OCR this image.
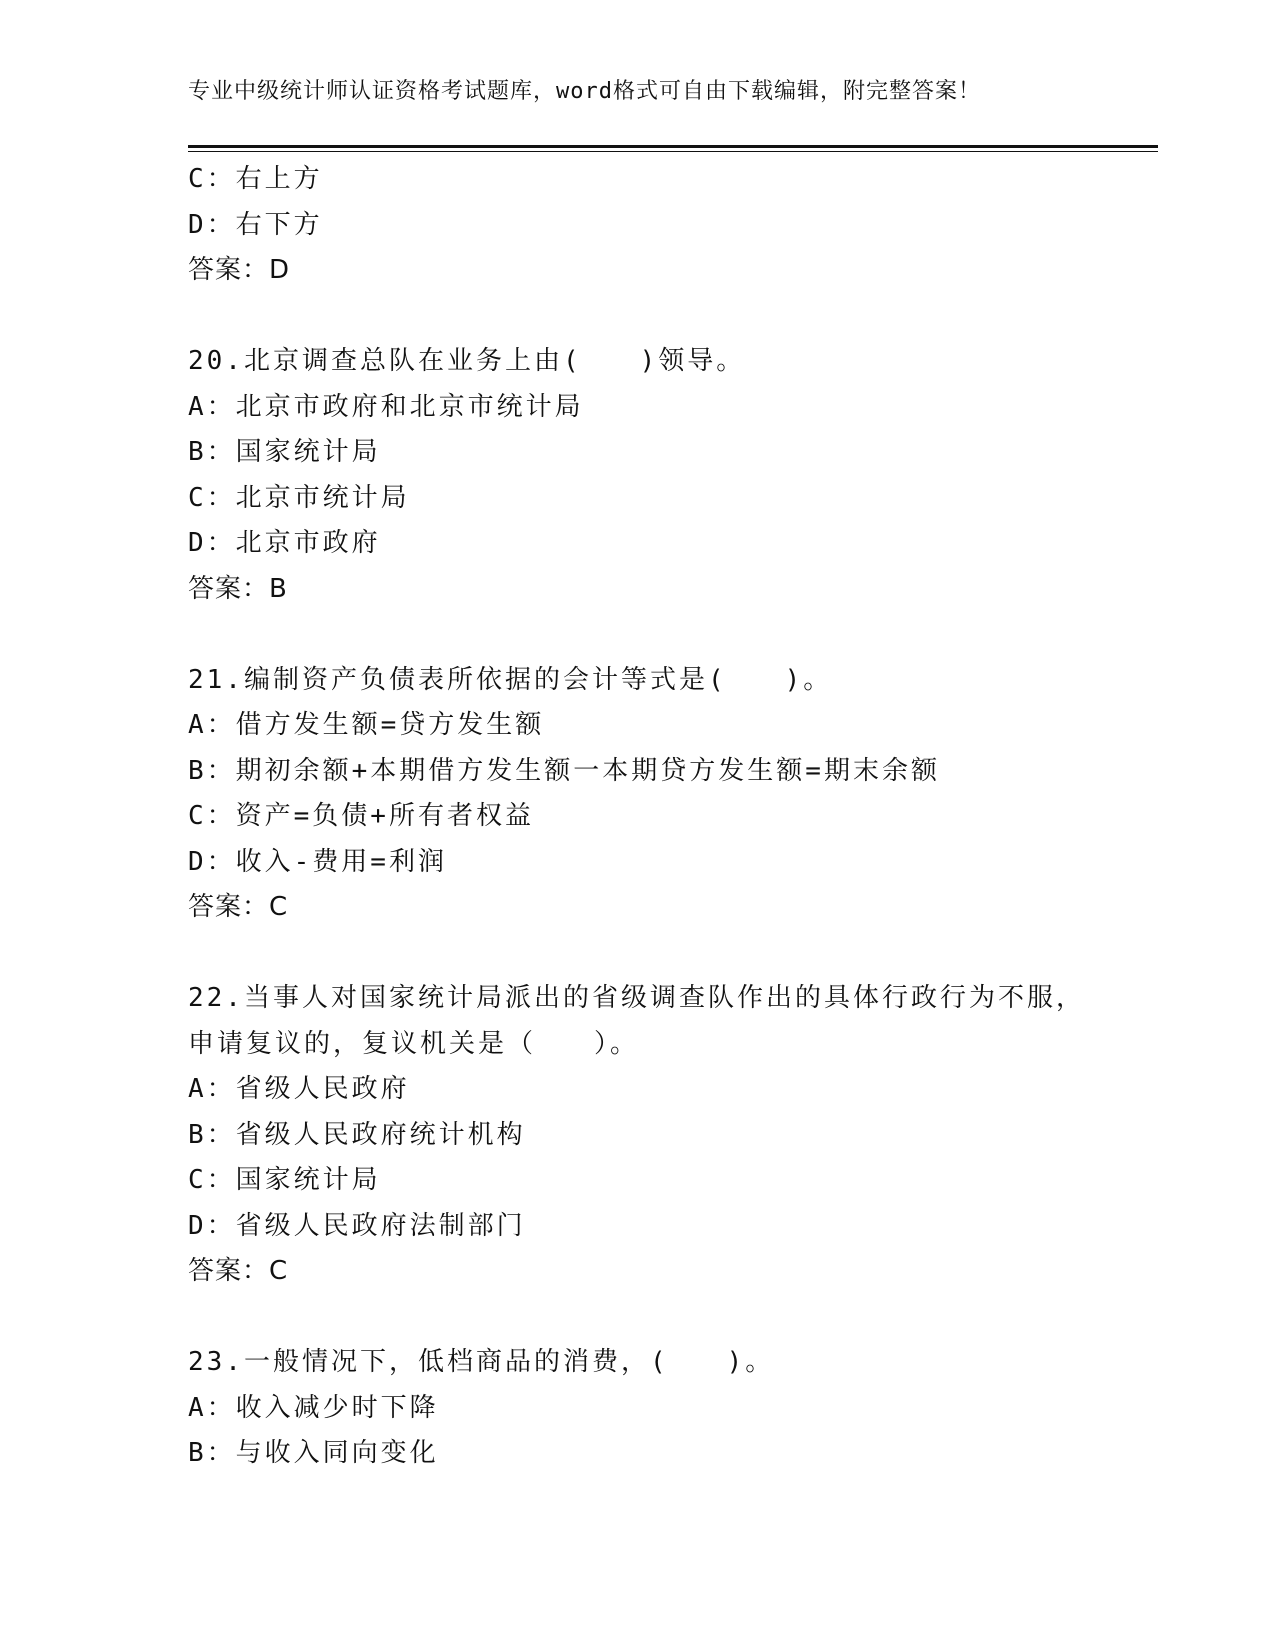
专业中级统计师认证资格考试题库，word格式可自由下载编辑，附完整答案！
C：右上方
D：右下方
答案：D
20.北京调查总队在业务上由(　　)领导。
A：北京市政府和北京市统计局
B：国家统计局
C：北京市统计局
D：北京市政府
答案：B
21.编制资产负债表所依据的会计等式是(　　)。
A：借方发生额=贷方发生额
B：期初余额+本期借方发生额一本期贷方发生额=期末余额
C：资产=负债+所有者权益
D：收入-费用=利润
答案：C
22.当事人对国家统计局派出的省级调查队作出的具体行政行为不服，
申请复议的，复议机关是（　　）。
A：省级人民政府
B：省级人民政府统计机构
C：国家统计局
D：省级人民政府法制部门
答案：C
23.一般情况下，低档商品的消费，(　　)。
A：收入减少时下降
B：与收入同向变化
